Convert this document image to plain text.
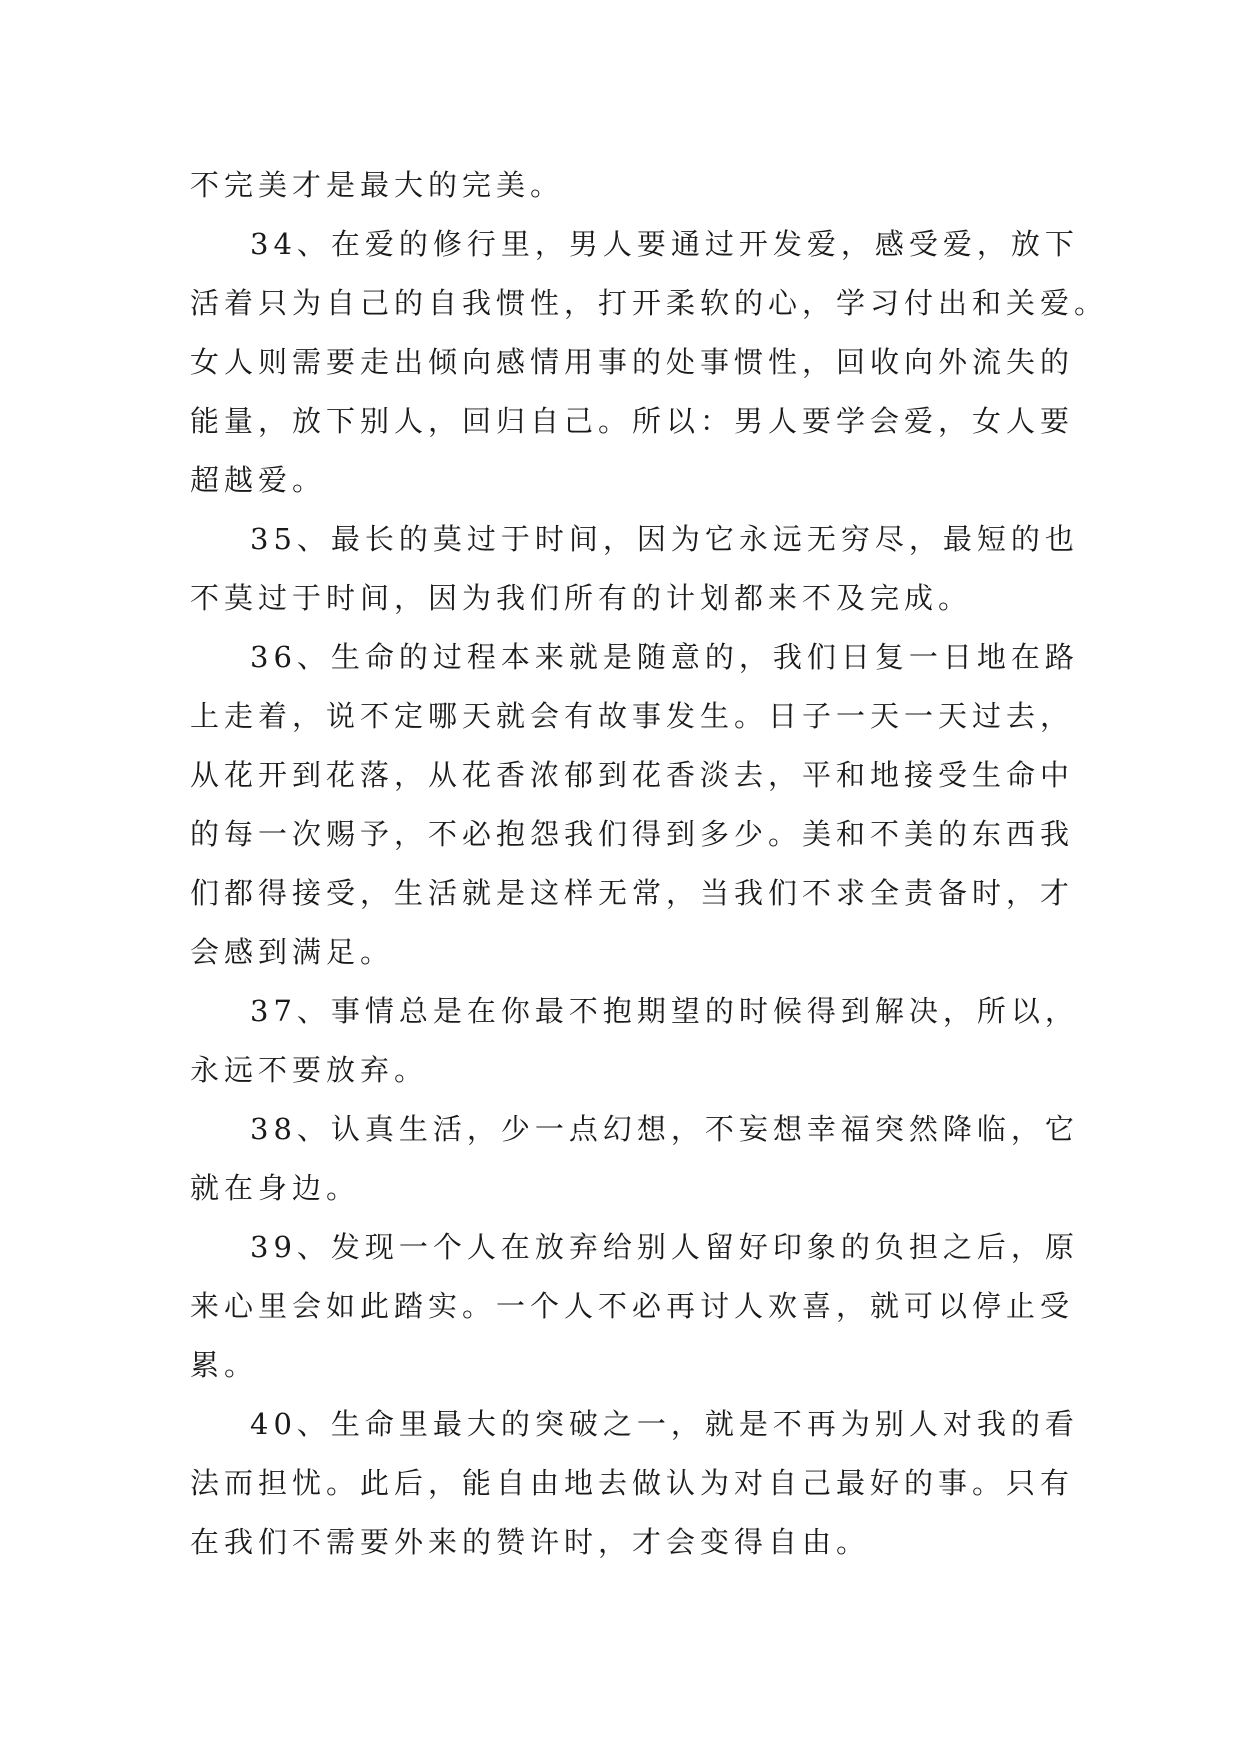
不完美才是最大的完美。
34、在爱的修行里，男人要通过开发爱，感受爱，放下
活着只为自己的自我惯性，打开柔软的心，学习付出和关爱。
女人则需要走出倾向感情用事的处事惯性，回收向外流失的
能量，放下别人，回归自己。所以：男人要学会爱，女人要
超越爱。
35、最长的莫过于时间，因为它永远无穷尽，最短的也
不莫过于时间，因为我们所有的计划都来不及完成。
36、生命的过程本来就是随意的，我们日复一日地在路
上走着，说不定哪天就会有故事发生。日子一天一天过去，
从花开到花落，从花香浓郁到花香淡去，平和地接受生命中
的每一次赐予，不必抱怨我们得到多少。美和不美的东西我
们都得接受，生活就是这样无常，当我们不求全责备时，才
会感到满足。
37、事情总是在你最不抱期望的时候得到解决，所以，
永远不要放弃。
38、认真生活，少一点幻想，不妄想幸福突然降临，它
就在身边。
39、发现一个人在放弃给别人留好印象的负担之后，原
来心里会如此踏实。一个人不必再讨人欢喜，就可以停止受
累。
40、生命里最大的突破之一，就是不再为别人对我的看
法而担忧。此后，能自由地去做认为对自己最好的事。只有
在我们不需要外来的赞许时，才会变得自由。
